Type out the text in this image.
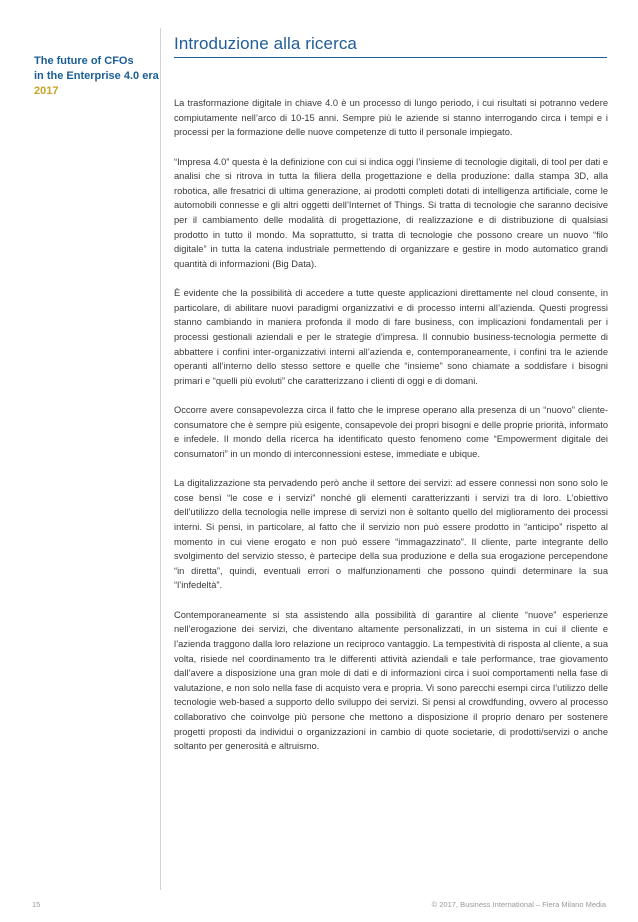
The future of CFOs
in the Enterprise 4.0 era
2017
Introduzione alla ricerca

La trasformazione digitale in chiave 4.0 è un processo di lungo periodo, i cui risultati si potranno vedere compiutamente nell’arco di 10-15 anni. Sempre più le aziende si stanno interrogando circa i tempi e i processi per la formazione delle nuove competenze di tutto il personale impiegato.

“Impresa 4.0” questa è la definizione con cui si indica oggi l’insieme di tecnologie digitali, di tool per dati e analisi che si ritrova in tutta la filiera della progettazione e della produzione: dalla stampa 3D, alla robotica, alle fresatrici di ultima generazione, ai prodotti completi dotati di intelligenza artificiale, come le automobili connesse e gli altri oggetti dell’Internet of Things. Si tratta di tecnologie che saranno decisive per il cambiamento delle modalità di progettazione, di realizzazione e di distribuzione di qualsiasi prodotto in tutto il mondo. Ma soprattutto, si tratta di tecnologie che possono creare un nuovo “filo digitale” in tutta la catena industriale permettendo di organizzare e gestire in modo automatico grandi quantità di informazioni (Big Data).

È evidente che la possibilità di accedere a tutte queste applicazioni direttamente nel cloud consente, in particolare, di abilitare nuovi paradigmi organizzativi e di processo interni all’azienda. Questi progressi stanno cambiando in maniera profonda il modo di fare business, con implicazioni fondamentali per i processi gestionali aziendali e per le strategie d’impresa. Il connubio business-tecnologia permette di abbattere i confini inter-organizzativi interni all’azienda e, contemporaneamente, i confini tra le aziende operanti all’interno dello stesso settore e quelle che “insieme” sono chiamate a soddisfare i bisogni primari e “quelli più evoluti” che caratterizzano i clienti di oggi e di domani.

Occorre avere consapevolezza circa il fatto che le imprese operano alla presenza di un “nuovo” cliente-consumatore che è sempre più esigente, consapevole dei propri bisogni e delle proprie priorità, informato e infedele. Il mondo della ricerca ha identificato questo fenomeno come “Empowerment digitale dei consumatori” in un mondo di interconnessioni estese, immediate e ubique.

La digitalizzazione sta pervadendo però anche il settore dei servizi: ad essere connessi non sono solo le cose bensì “le cose e i servizi” nonché gli elementi caratterizzanti i servizi tra di loro. L’obiettivo dell’utilizzo della tecnologia nelle imprese di servizi non è soltanto quello del miglioramento dei processi interni. Si pensi, in particolare, al fatto che il servizio non può essere prodotto in “anticipo” rispetto al momento in cui viene erogato e non può essere “immagazzinato”. Il cliente, parte integrante dello svolgimento del servizio stesso, è partecipe della sua produzione e della sua erogazione percependone “in diretta”, quindi, eventuali errori o malfunzionamenti che possono quindi determinare la sua “l’infedeltà”.

Contemporaneamente si sta assistendo alla possibilità di garantire al cliente “nuove” esperienze nell’erogazione dei servizi, che diventano altamente personalizzati, in un sistema in cui il cliente e l’azienda traggono dalla loro relazione un reciproco vantaggio. La tempestività di risposta al cliente, a sua volta, risiede nel coordinamento tra le differenti attività aziendali e tale performance, trae giovamento dall’avere a disposizione una gran mole di dati e di informazioni circa i suoi comportamenti nella fase di valutazione, e non solo nella fase di acquisto vera e propria. Vi sono parecchi esempi circa l’utilizzo delle tecnologie web-based a supporto dello sviluppo dei servizi. Si pensi al crowdfunding, ovvero al processo collaborativo che coinvolge più persone che mettono a disposizione il proprio denaro per sostenere progetti proposti da individui o organizzazioni in cambio di quote societarie, di prodotti/servizi o anche soltanto per generosità e altruismo.

15	© 2017, Business International – Fiera Milano Media
